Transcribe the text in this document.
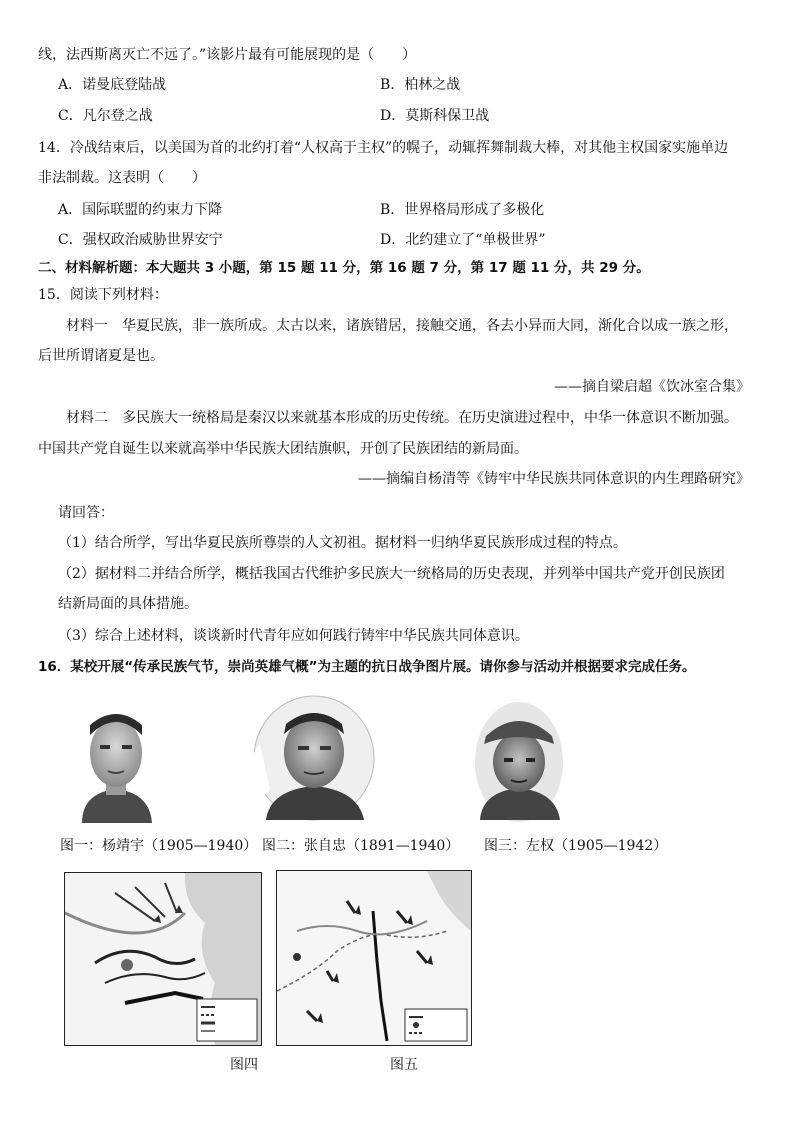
线，法西斯离灭亡不远了。”该影片最有可能展现的是（　　）
A．诺曼底登陆战	B．柏林之战
C．凡尔登之战	D．莫斯科保卫战
14．冷战结束后，以美国为首的北约打着“人权高于主权”的幌子，动辄挥舞制裁大棒，对其他主权国家实施单边
非法制裁。这表明（　　）
A．国际联盟的约束力下降	B．世界格局形成了多极化
C．强权政治威胁世界安宁	D．北约建立了“单极世界”
二、材料解析题：本大题共 3 小题，第 15 题 11 分，第 16 题 7 分，第 17 题 11 分，共 29 分。
15．阅读下列材料：
材料一　华夏民族，非一族所成。太古以来，诸族错居，接触交通，各去小异而大同，渐化合以成一族之形，
后世所谓诸夏是也。
——摘自梁启超《饮冰室合集》
材料二　多民族大一统格局是秦汉以来就基本形成的历史传统。在历史演进过程中，中华一体意识不断加强。
中国共产党自诞生以来就高举中华民族大团结旗帜，开创了民族团结的新局面。
——摘编自杨清等《铸牢中华民族共同体意识的内生理路研究》
请回答：
（1）结合所学，写出华夏民族所尊崇的人文初祖。据材料一归纳华夏民族形成过程的特点。
（2）据材料二并结合所学，概括我国古代维护多民族大一统格局的历史表现，并列举中国共产党开创民族团
结新局面的具体措施。
（3）综合上述材料，谈谈新时代青年应如何践行铸牢中华民族共同体意识。
16．某校开展“传承民族气节，崇尚英雄气概”为主题的抗日战争图片展。请你参与活动并根据要求完成任务。
图一：杨靖宇（1905—1940） 图二：张自忠（1891—1940） 图三：左权（1905—1942）
图四	图五
